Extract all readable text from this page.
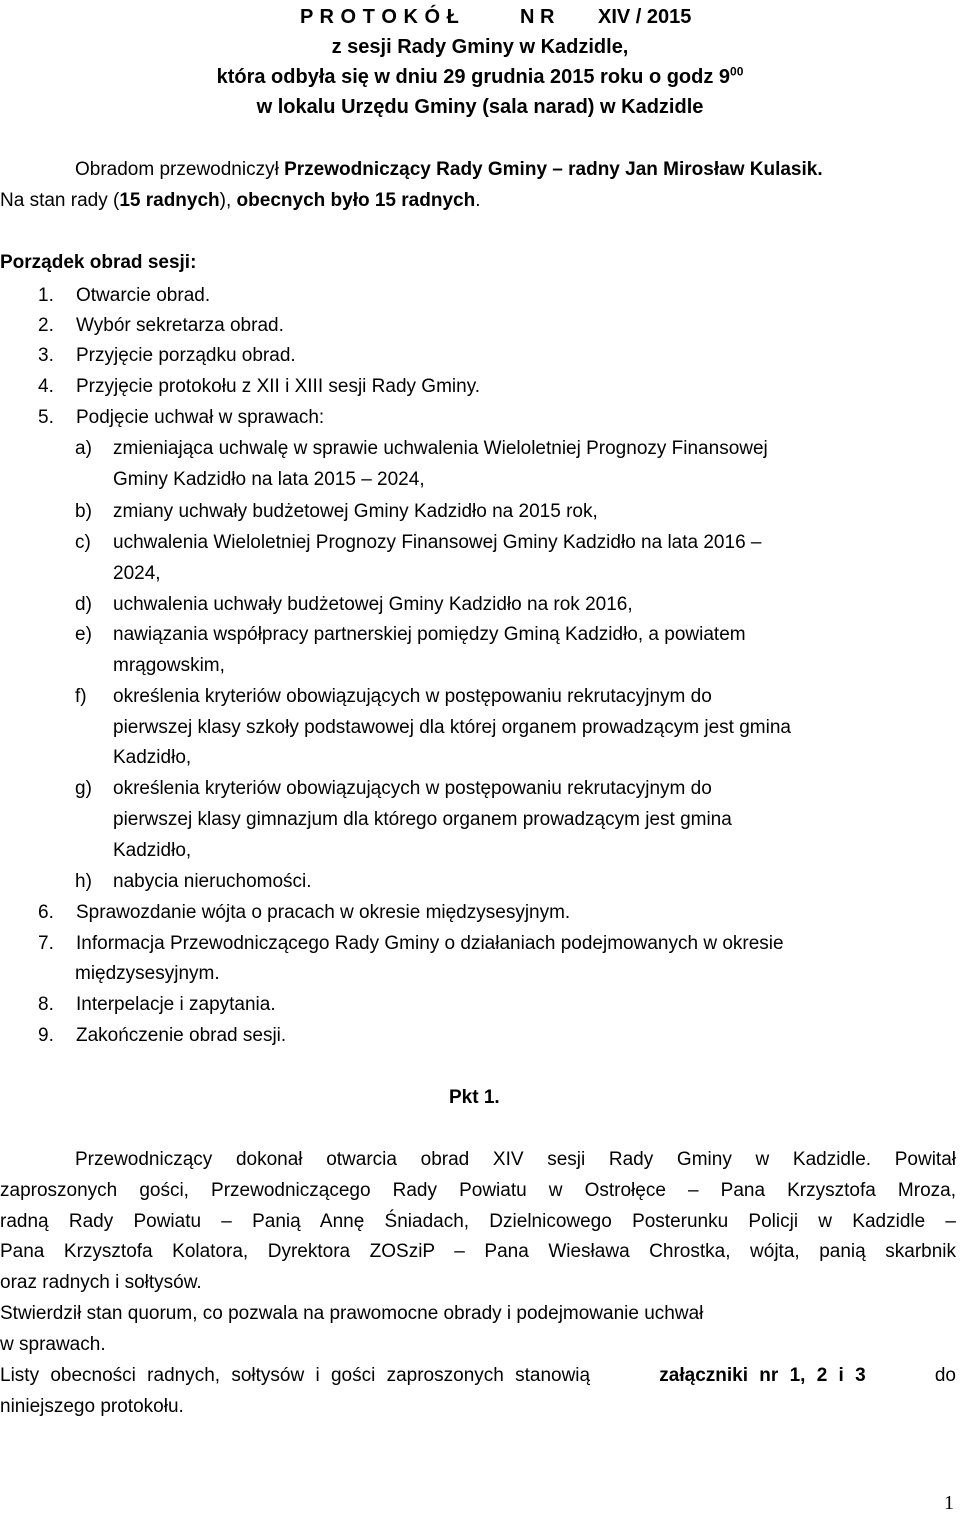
P R O T O K Ó Ł	N R XIV / 2015
z sesji Rady Gminy w Kadzidle,
która odbyła się w dniu 29 grudnia 2015 roku o godz $9^{00}$
w lokalu Urzędu Gminy (sala narad) w Kadzidle
Obradom przewodniczył Przewodniczący Rady Gminy – radny Jan Mirosław Kulasik.
Na stan rady (15 radnych), obecnych było 15 radnych.
Porządek obrad sesji:
1. Otwarcie obrad.
2. Wybór sekretarza obrad.
3. Przyjęcie porządku obrad.
4. Przyjęcie protokołu z XII i XIII sesji Rady Gminy.
5. Podjęcie uchwał w sprawach:
a) zmieniająca uchwalę w sprawie uchwalenia Wieloletniej Prognozy Finansowej
Gminy Kadzidło na lata 2015 – 2024,
b) zmiany uchwały budżetowej Gminy Kadzidło na 2015 rok,
c) uchwalenia Wieloletniej Prognozy Finansowej Gminy Kadzidło na lata 2016 –
2024,
d) uchwalenia uchwały budżetowej Gminy Kadzidło na rok 2016,
e) nawiązania współpracy partnerskiej pomiędzy Gminą Kadzidło, a powiatem
mrągowskim,
f) określenia kryteriów obowiązujących w postępowaniu rekrutacyjnym do
pierwszej klasy szkoły podstawowej dla której organem prowadzącym jest gmina
Kadzidło,
g) określenia kryteriów obowiązujących w postępowaniu rekrutacyjnym do
pierwszej klasy gimnazjum dla którego organem prowadzącym jest gmina
Kadzidło,
h) nabycia nieruchomości.
6. Sprawozdanie wójta o pracach w okresie międzysesyjnym.
7. Informacja Przewodniczącego Rady Gminy o działaniach podejmowanych w okresie
międzysesyjnym.
8. Interpelacje i zapytania.
9. Zakończenie obrad sesji.
Pkt 1.
Przewodniczący dokonał otwarcia obrad XIV sesji Rady Gminy w Kadzidle. Powitał
zaproszonych gości, Przewodniczącego Rady Powiatu w Ostrołęce – Pana Krzysztofa Mroza,
radną Rady Powiatu – Panią Annę Śniadach, Dzielnicowego Posterunku Policji w Kadzidle –
Pana Krzysztofa Kolatora, Dyrektora ZOSziP – Pana Wiesława Chrostka, wójta, panią skarbnik
oraz radnych i sołtysów.
Stwierdził stan quorum, co pozwala na prawomocne obrady i podejmowanie uchwał
w sprawach.
Listy obecności radnych, sołtysów i gości zaproszonych stanowią	załączniki nr 1, 2 i 3	do
niniejszego protokołu.
1
